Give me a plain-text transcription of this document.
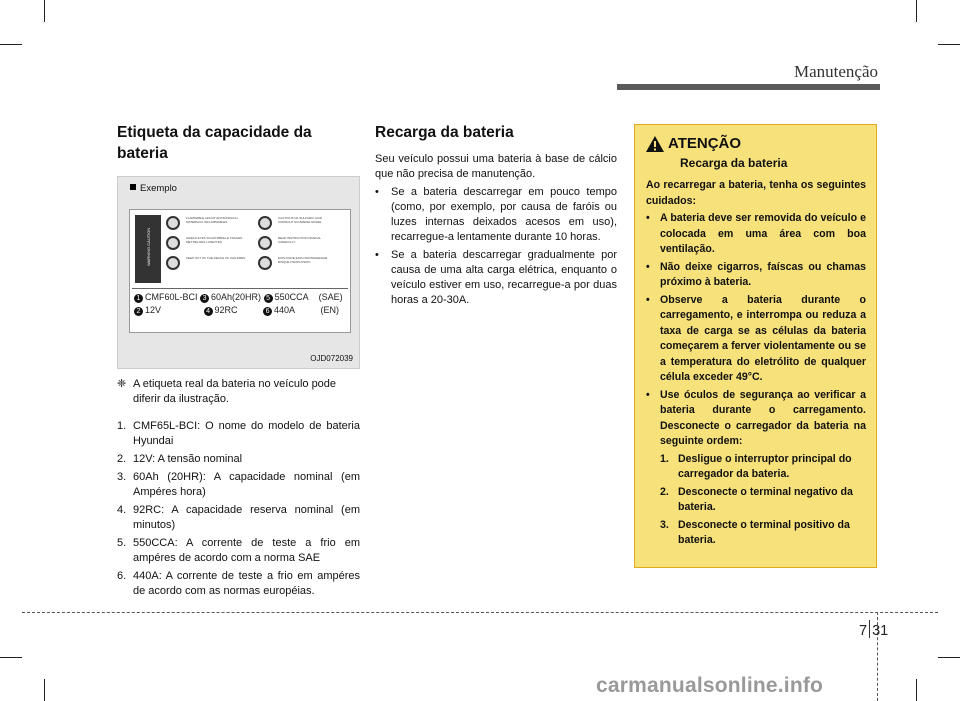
Manutenção
Etiqueta da capacidade da bateria
Exemplo
WARNING CAUTION
FLAMMABLE LEICHT ENTZÜNDLICH MATERIAUX INFLAMMABLES
SHIELD EYES SCHUTZBRILLE TRAGEN METTRE DES LUNETTES
KEEP OUT OF THE REACH OF CHILDREN
CAUTIOUS OF SULFURIC ACID VORSICHT SCHWEFELSÄURE
READ INSTRUCTION MANUAL CAREFULLY
EXPLOSIVE EXPLOSIONSGEFAHR RISQUE D'EXPLOSION
1 CMF60L-BCI 3 60Ah(20HR) 5 550CCA (SAE)
2 12V	4 92RC	6 440A	(EN)
OJD072039
❈ A etiqueta real da bateria no veículo pode diferir da ilustração.
1. CMF65L-BCI: O nome do modelo de bateria Hyundai
2. 12V: A tensão nominal
3. 60Ah (20HR): A capacidade nominal (em Ampéres hora)
4. 92RC: A capacidade reserva nominal (em minutos)
5. 550CCA: A corrente de teste a frio em ampéres de acordo com a norma SAE
6. 440A: A corrente de teste a frio em ampéres de acordo com as normas européias.
Recarga da bateria

Seu veículo possui uma bateria à base de cálcio que não precisa de manutenção.

•	Se a bateria descarregar em pouco tempo (como, por exemplo, por causa de faróis ou luzes internas deixados acesos em uso), recarregue-a lentamente durante 10 horas.
•	Se a bateria descarregar gradualmente por causa de uma alta carga elétrica, enquanto o veículo estiver em uso, recarregue-a por duas horas a 20-30A.
ATENÇÃO
Recarga da bateria

Ao recarregar a bateria, tenha os seguintes cuidados:

• A bateria deve ser removida do veículo e colocada em uma área com boa ventilação.
• Não deixe cigarros, faíscas ou chamas próximo à bateria.
• Observe a bateria durante o carregamento, e interrompa ou reduza a taxa de carga se as células da bateria começarem a ferver violentamente ou se a temperatura do eletrólito de qualquer célula exceder 49°C.
• Use óculos de segurança ao verificar a bateria durante o carregamento. Desconecte o carregador da bateria na seguinte ordem:
1. Desligue o interruptor principal do carregador da bateria.
2. Desconecte o terminal negativo da bateria.
3. Desconecte o terminal positivo da bateria.
7 31
carmanualsonline.info
